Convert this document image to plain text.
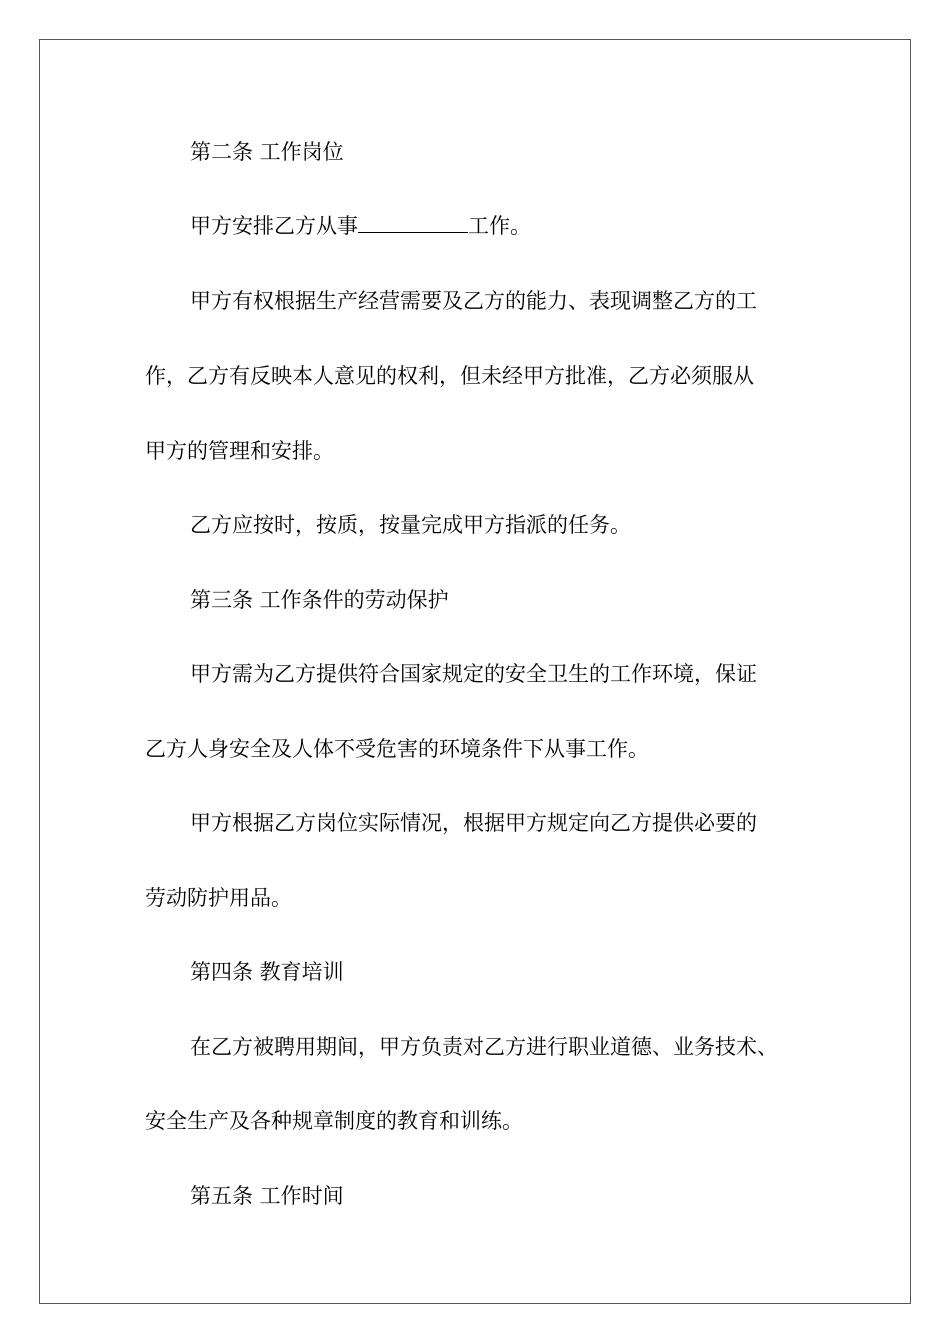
第二条 工作岗位
甲方安排乙方从事	工作。
甲方有权根据生产经营需要及乙方的能力、表现调整乙方的工
作，乙方有反映本人意见的权利，但未经甲方批准，乙方必须服从
甲方的管理和安排。
乙方应按时，按质，按量完成甲方指派的任务。
第三条 工作条件的劳动保护
甲方需为乙方提供符合国家规定的安全卫生的工作环境，保证
乙方人身安全及人体不受危害的环境条件下从事工作。
甲方根据乙方岗位实际情况，根据甲方规定向乙方提供必要的
劳动防护用品。
第四条 教育培训
在乙方被聘用期间，甲方负责对乙方进行职业道德、业务技术、
安全生产及各种规章制度的教育和训练。
第五条 工作时间
